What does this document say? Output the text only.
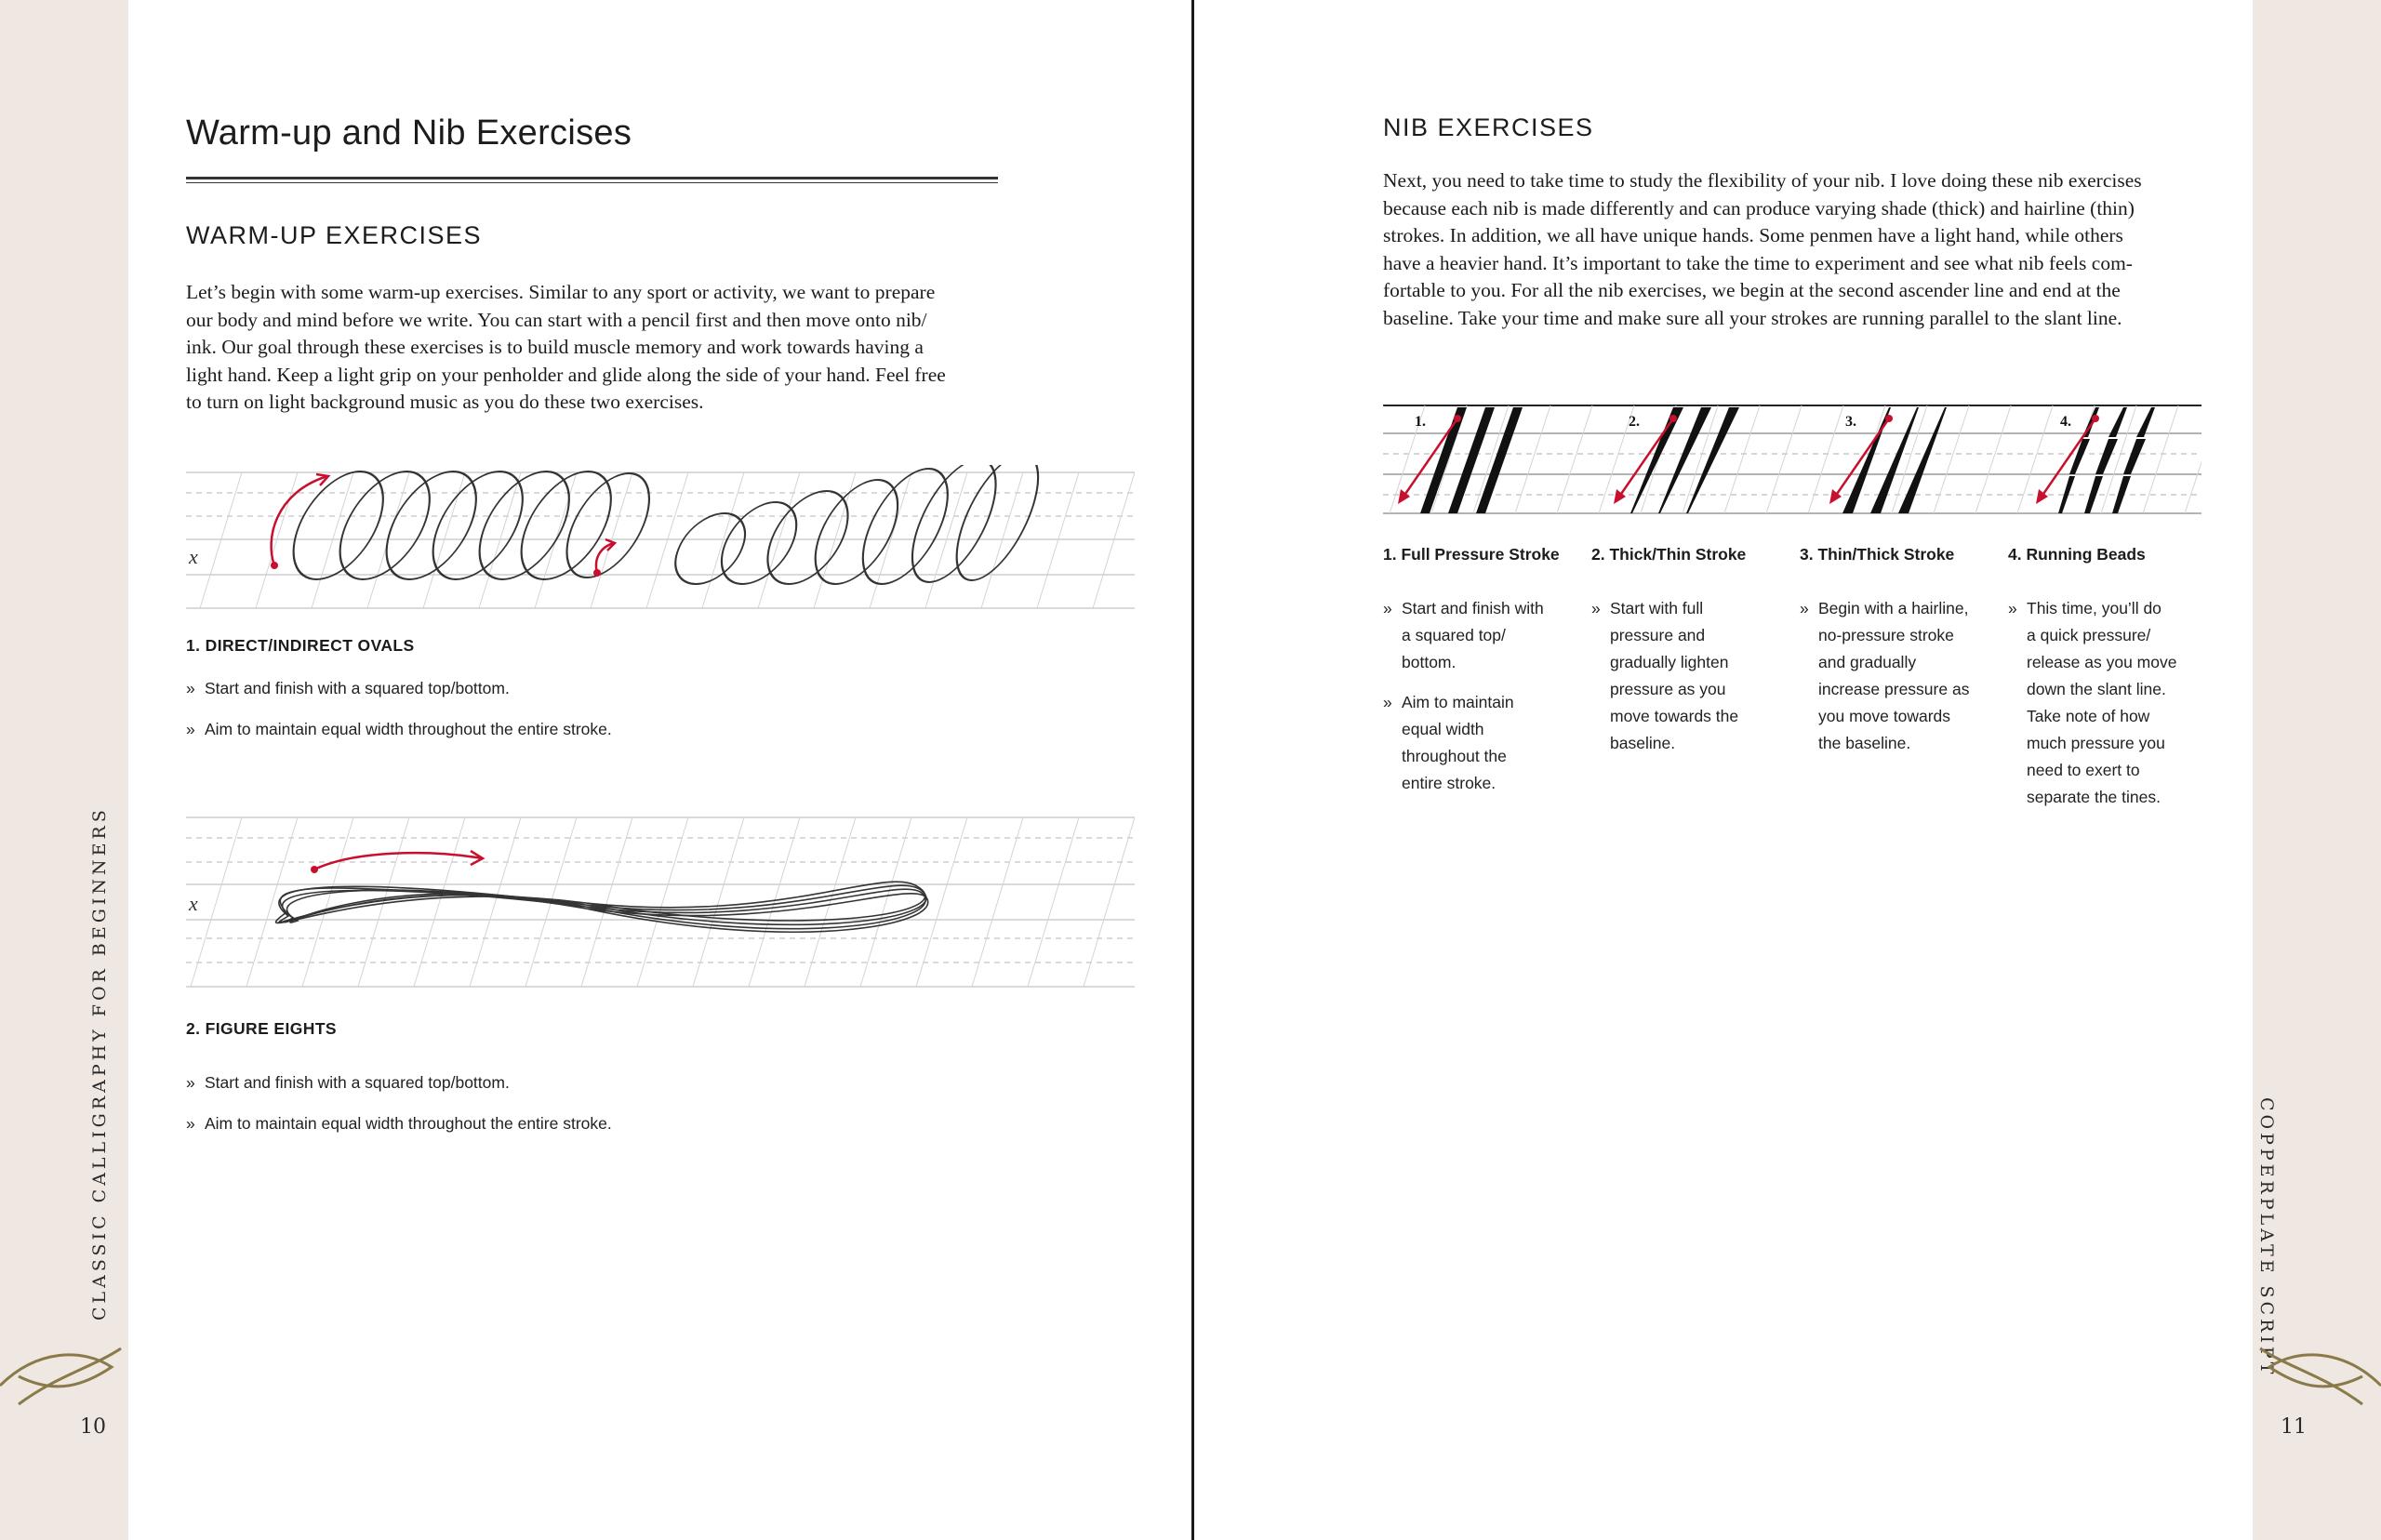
Warm-up and Nib Exercises
WARM-UP EXERCISES
Let’s begin with some warm-up exercises. Similar to any sport or activity, we want to prepare
our body and mind before we write. You can start with a pencil first and then move onto nib/
ink. Our goal through these exercises is to build muscle memory and work towards having a
light hand. Keep a light grip on your penholder and glide along the side of your hand. Feel free
to turn on light background music as you do these two exercises.
x
1. DIRECT/INDIRECT OVALS
» Start and finish with a squared top/bottom.
» Aim to maintain equal width throughout the entire stroke.
x
2. FIGURE EIGHTS
» Start and finish with a squared top/bottom.
» Aim to maintain equal width throughout the entire stroke.
CLASSIC CALLIGRAPHY FOR BEGINNERS
10
NIB EXERCISES
Next, you need to take time to study the flexibility of your nib. I love doing these nib exercises
because each nib is made differently and can produce varying shade (thick) and hairline (thin)
strokes. In addition, we all have unique hands. Some penmen have a light hand, while others
have a heavier hand. It’s important to take the time to experiment and see what nib feels com-
fortable to you. For all the nib exercises, we begin at the second ascender line and end at the
baseline. Take your time and make sure all your strokes are running parallel to the slant line.
1.	2.	3.	4.
1. Full Pressure Stroke
» Start and finish with
a squared top/
bottom.
» Aim to maintain
equal width
throughout the
entire stroke.
2. Thick/Thin Stroke
» Start with full
pressure and
gradually lighten
pressure as you
move towards the
baseline.
3. Thin/Thick Stroke
» Begin with a hairline,
no-pressure stroke
and gradually
increase pressure as
you move towards
the baseline.
4. Running Beads
» This time, you’ll do
a quick pressure/
release as you move
down the slant line.
Take note of how
much pressure you
need to exert to
separate the tines.
COPPERPLATE SCRIPT
11
